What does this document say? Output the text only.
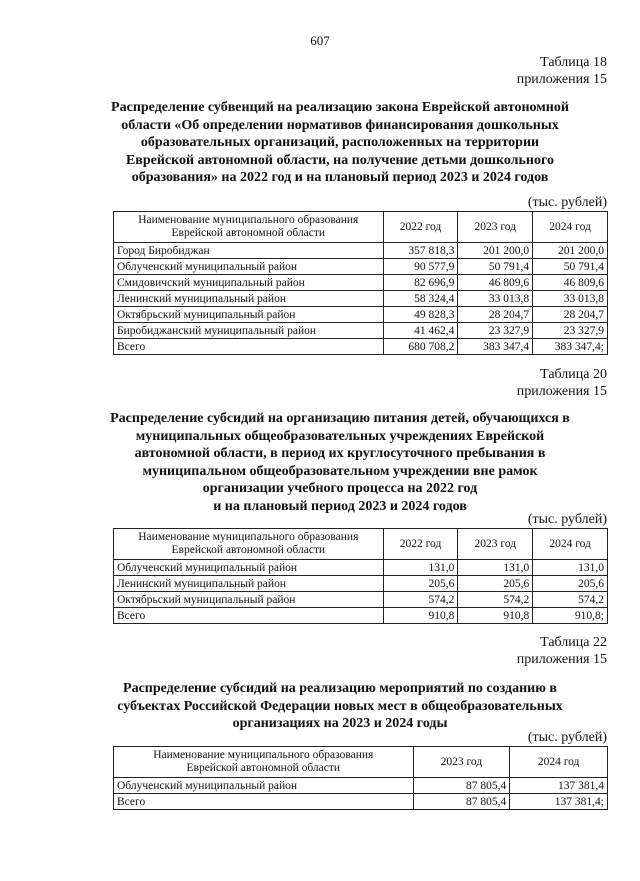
607
Таблица 18
приложения 15
Распределение субвенций на реализацию закона Еврейской автономной
области «Об определении нормативов финансирования дошкольных
образовательных организаций, расположенных на территории
Еврейской автономной области, на получение детьми дошкольного
образования» на 2022 год и на плановый период 2023 и 2024 годов
(тыс. рублей)
Наименование муниципального образования
Еврейской автономной области	2022 год	2023 год	2024 год
Город Биробиджан	357 818,3	201 200,0	201 200,0
Облученский муниципальный район	90 577,9	50 791,4	50 791,4
Смидовичский муниципальный район	82 696,9	46 809,6	46 809,6
Ленинский муниципальный район	58 324,4	33 013,8	33 013,8
Октябрьский муниципальный район	49 828,3	28 204,7	28 204,7
Биробиджанский муниципальный район	41 462,4	23 327,9	23 327,9
Всего	680 708,2	383 347,4	383 347,4;
Таблица 20
приложения 15
Распределение субсидий на организацию питания детей, обучающихся в
муниципальных общеобразовательных учреждениях Еврейской
автономной области, в период их круглосуточного пребывания в
муниципальном общеобразовательном учреждении вне рамок
организации учебного процесса на 2022 год
и на плановый период 2023 и 2024 годов
(тыс. рублей)
Наименование муниципального образования
Еврейской автономной области	2022 год	2023 год	2024 год
Облученский муниципальный район	131,0	131,0	131,0
Ленинский муниципальный район	205,6	205,6	205,6
Октябрьский муниципальный район	574,2	574,2	574,2
Всего	910,8	910,8	910,8;
Таблица 22
приложения 15
Распределение субсидий на реализацию мероприятий по созданию в
субъектах Российской Федерации новых мест в общеобразовательных
организациях на 2023 и 2024 годы
(тыс. рублей)
Наименование муниципального образования
Еврейской автономной области	2023 год	2024 год
Облученский муниципальный район	87 805,4	137 381,4
Всего	87 805,4	137 381,4;
